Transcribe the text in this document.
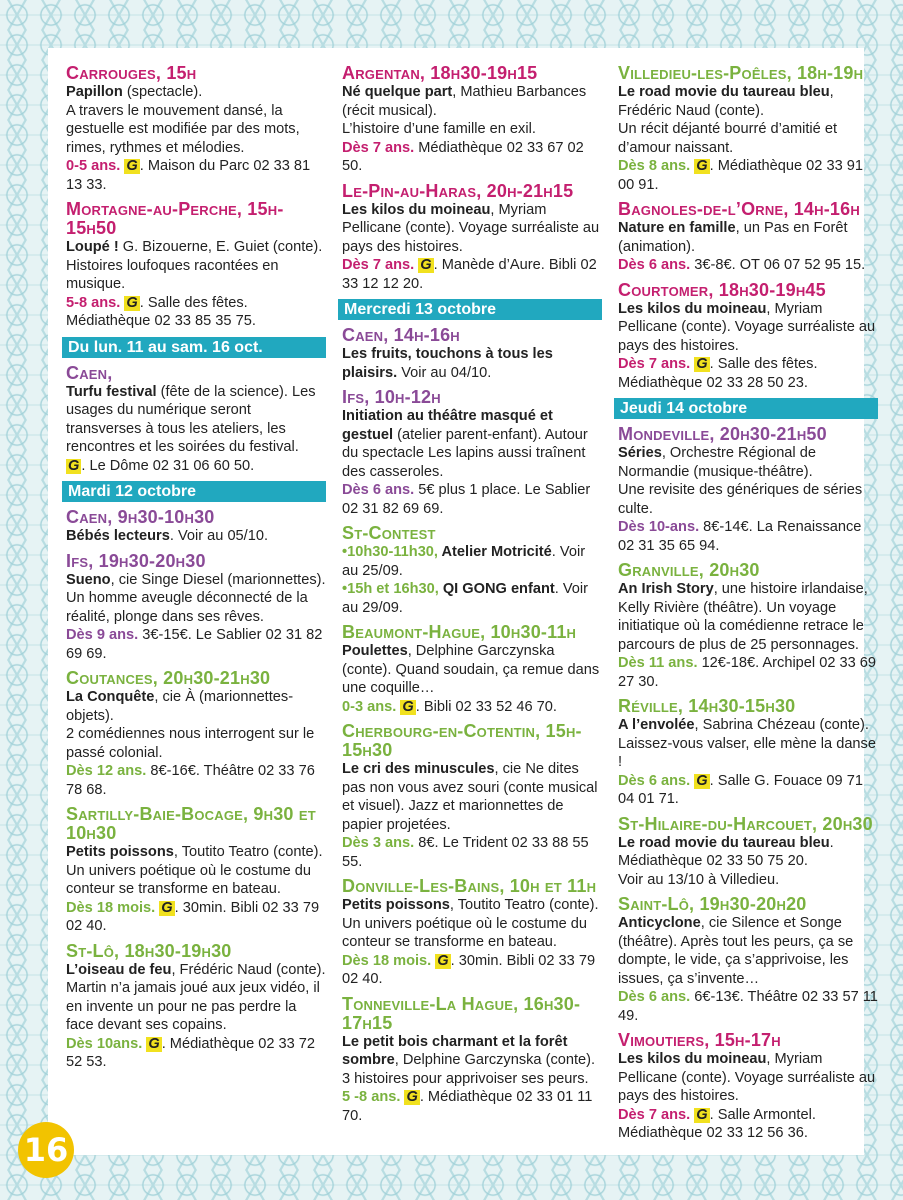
Carrouges, 15h
Papillon (spectacle).
A travers le mouvement dansé, la gestuelle est modifiée par des mots, rimes, rythmes et mélodies.
0-5 ans. G . Maison du Parc 02 33 81 13 33.
Mortagne-au-Perche, 15h-15h50
Loupé ! G. Bizouerne, E. Guiet (conte). Histoires loufoques racontées en musique.
5-8 ans. G . Salle des fêtes. Médiathèque 02 33 85 35 75.
Du lun. 11 au sam. 16 oct.
Caen,
Turfu festival (fête de la science). Les usages du numérique seront transverses à tous les ateliers, les rencontres et les soirées du festival.
G . Le Dôme 02 31 06 60 50.
Mardi 12 octobre
Caen, 9h30-10h30
Bébés lecteurs. Voir au 05/10.
Ifs, 19h30-20h30
Sueno, cie Singe Diesel (marionnettes). Un homme aveugle déconnecté de la réalité, plonge dans ses rêves.
Dès 9 ans. 3€-15€. Le Sablier 02 31 82 69 69.
Coutances, 20h30-21h30
La Conquête, cie À (marionnettes-objets).
2 comédiennes nous interrogent sur le passé colonial.
Dès 12 ans. 8€-16€. Théâtre 02 33 76 78 68.
Sartilly-Baie-Bocage, 9h30 et 10h30
Petits poissons, Toutito Teatro (conte).
Un univers poétique où le costume du conteur se transforme en bateau.
Dès 18 mois. G . 30min. Bibli 02 33 79 02 40.
St-Lô, 18h30-19h30
L’oiseau de feu, Frédéric Naud (conte).
Martin n’a jamais joué aux jeux vidéo, il en invente un pour ne pas perdre la face devant ses copains.
Dès 10ans. G . Médiathèque 02 33 72 52 53.
Argentan, 18h30-19h15
Né quelque part, Mathieu Barbances (récit musical).
L’histoire d’une famille en exil.
Dès 7 ans. Médiathèque 02 33 67 02 50.
Le-Pin-au-Haras, 20h-21h15
Les kilos du moineau, Myriam Pellicane (conte). Voyage surréaliste au pays des histoires.
Dès 7 ans. G . Manède d’Aure. Bibli 02 33 12 12 20.
Mercredi 13 octobre
Caen, 14h-16h
Les fruits, touchons à tous les plaisirs. Voir au 04/10.
Ifs, 10h-12h
Initiation au théâtre masqué et gestuel (atelier parent-enfant). Autour du spectacle Les lapins aussi traînent des casseroles.
Dès 6 ans. 5€ plus 1 place. Le Sablier 02 31 82 69 69.
St-Contest
•10h30-11h30, Atelier Motricité. Voir au 25/09.
•15h et 16h30, QI GONG enfant. Voir au 29/09.
Beaumont-Hague, 10h30-11h
Poulettes, Delphine Garczynska (conte). Quand soudain, ça remue dans une coquille…
0-3 ans. G . Bibli 02 33 52 46 70.
Cherbourg-en-Cotentin, 15h-15h30
Le cri des minuscules, cie Ne dites pas non vous avez souri (conte musical et visuel). Jazz et marionnettes de papier projetées.
Dès 3 ans. 8€. Le Trident 02 33 88 55 55.
Donville-Les-Bains, 10h et 11h
Petits poissons, Toutito Teatro (conte). Un univers poétique où le costume du conteur se transforme en bateau.
Dès 18 mois. G . 30min. Bibli 02 33 79 02 40.
Tonneville-La Hague, 16h30-17h15
Le petit bois charmant et la forêt sombre, Delphine Garczynska (conte). 3 histoires pour apprivoiser ses peurs.
5 -8 ans. G . Médiathèque 02 33 01 11 70.
Villedieu-les-Poêles, 18h-19h
Le road movie du taureau bleu, Frédéric Naud (conte).
Un récit déjanté bourré d’amitié et d’amour naissant.
Dès 8 ans. G . Médiathèque 02 33 91 00 91.
Bagnoles-de-l’Orne, 14h-16h
Nature en famille, un Pas en Forêt (animation).
Dès 6 ans. 3€-8€. OT 06 07 52 95 15.
Courtomer, 18h30-19h45
Les kilos du moineau, Myriam Pellicane (conte). Voyage surréaliste au pays des histoires.
Dès 7 ans. G . Salle des fêtes. Médiathèque 02 33 28 50 23.
Jeudi 14 octobre
Mondeville, 20h30-21h50
Séries, Orchestre Régional de Normandie (musique-théâtre).
Une revisite des génériques de séries culte.
Dès 10-ans. 8€-14€. La Renaissance 02 31 35 65 94.
Granville, 20h30
An Irish Story, une histoire irlandaise, Kelly Rivière (théâtre). Un voyage initiatique où la comédienne retrace le parcours de plus de 25 personnages.
Dès 11 ans. 12€-18€. Archipel 02 33 69 27 30.
Réville, 14h30-15h30
A l’envolée, Sabrina Chézeau (conte). Laissez-vous valser, elle mène la danse !
Dès 6 ans. G . Salle G. Fouace 09 71 04 01 71.
St-Hilaire-du-Harcouet, 20h30
Le road movie du taureau bleu. Médiathèque 02 33 50 75 20.
Voir au 13/10 à Villedieu.
Saint-Lô, 19h30-20h20
Anticyclone, cie Silence et Songe (théâtre). Après tout les peurs, ça se dompte, le vide, ça s’apprivoise, les issues, ça s’invente…
Dès 6 ans. 6€-13€. Théâtre 02 33 57 11 49.
Vimoutiers, 15h-17h
Les kilos du moineau, Myriam Pellicane (conte). Voyage surréaliste au pays des histoires.
Dès 7 ans. G . Salle Armontel. Médiathèque 02 33 12 56 36.
16
